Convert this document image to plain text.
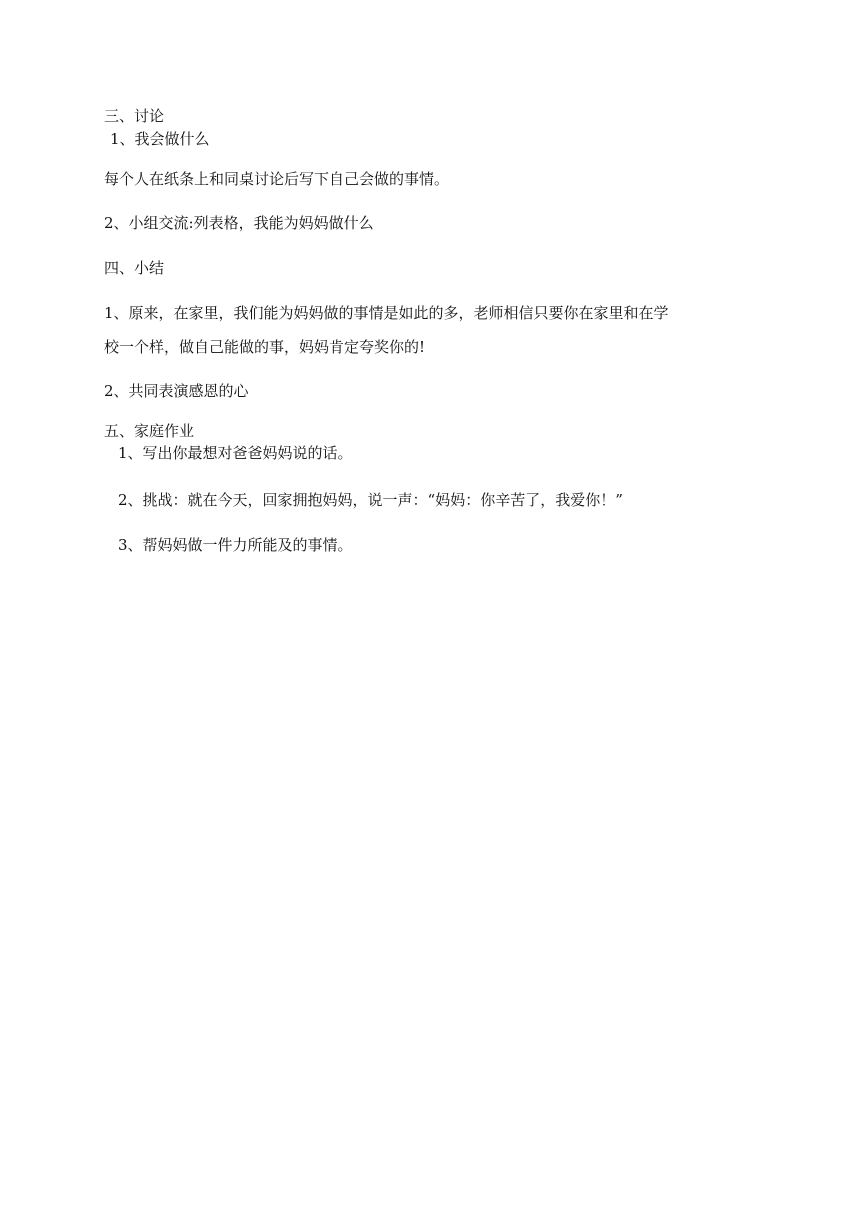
三、讨论
1、我会做什么
每个人在纸条上和同桌讨论后写下自己会做的事情。
2、小组交流:列表格，我能为妈妈做什么
四、小结
1、原来，在家里，我们能为妈妈做的事情是如此的多，老师相信只要你在家里和在学
校一个样，做自己能做的事，妈妈肯定夸奖你的!
2、共同表演感恩的心
五、家庭作业
1、写出你最想对爸爸妈妈说的话。
2、挑战：就在今天，回家拥抱妈妈，说一声：“妈妈：你辛苦了，我爱你！”
3、帮妈妈做一件力所能及的事情。
